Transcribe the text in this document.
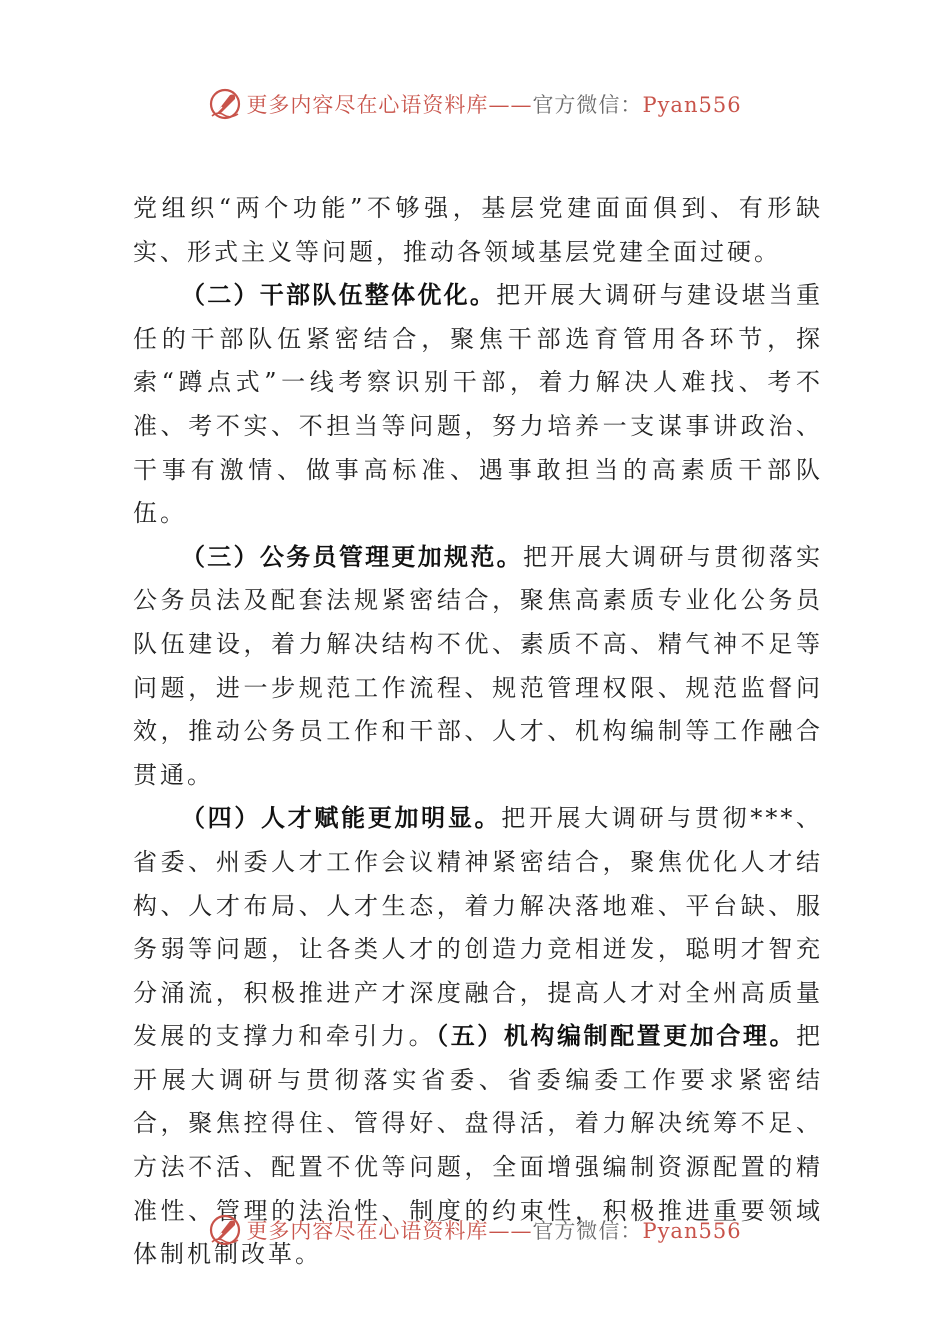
更多内容尽在心语资料库——官方微信：Pyan556

党组织“两个功能”不够强，基层党建面面俱到、有形缺实、形式主义等问题，推动各领域基层党建全面过硬。

（二）干部队伍整体优化。把开展大调研与建设堪当重任的干部队伍紧密结合，聚焦干部选育管用各环节，探索“蹲点式”一线考察识别干部，着力解决人难找、考不准、考不实、不担当等问题，努力培养一支谋事讲政治、干事有激情、做事高标准、遇事敢担当的高素质干部队伍。

（三）公务员管理更加规范。把开展大调研与贯彻落实公务员法及配套法规紧密结合，聚焦高素质专业化公务员队伍建设，着力解决结构不优、素质不高、精气神不足等问题，进一步规范工作流程、规范管理权限、规范监督问效，推动公务员工作和干部、人才、机构编制等工作融合贯通。

（四）人才赋能更加明显。把开展大调研与贯彻***、省委、州委人才工作会议精神紧密结合，聚焦优化人才结构、人才布局、人才生态，着力解决落地难、平台缺、服务弱等问题，让各类人才的创造力竞相迸发，聪明才智充分涌流，积极推进产才深度融合，提高人才对全州高质量发展的支撑力和牵引力。（五）机构编制配置更加合理。把开展大调研与贯彻落实省委、省委编委工作要求紧密结合，聚焦控得住、管得好、盘得活，着力解决统筹不足、方法不活、配置不优等问题，全面增强编制资源配置的精准性、管理的法治性、制度的约束性，积极推进重要领域体制机制改革。

更多内容尽在心语资料库——官方微信：Pyan556
